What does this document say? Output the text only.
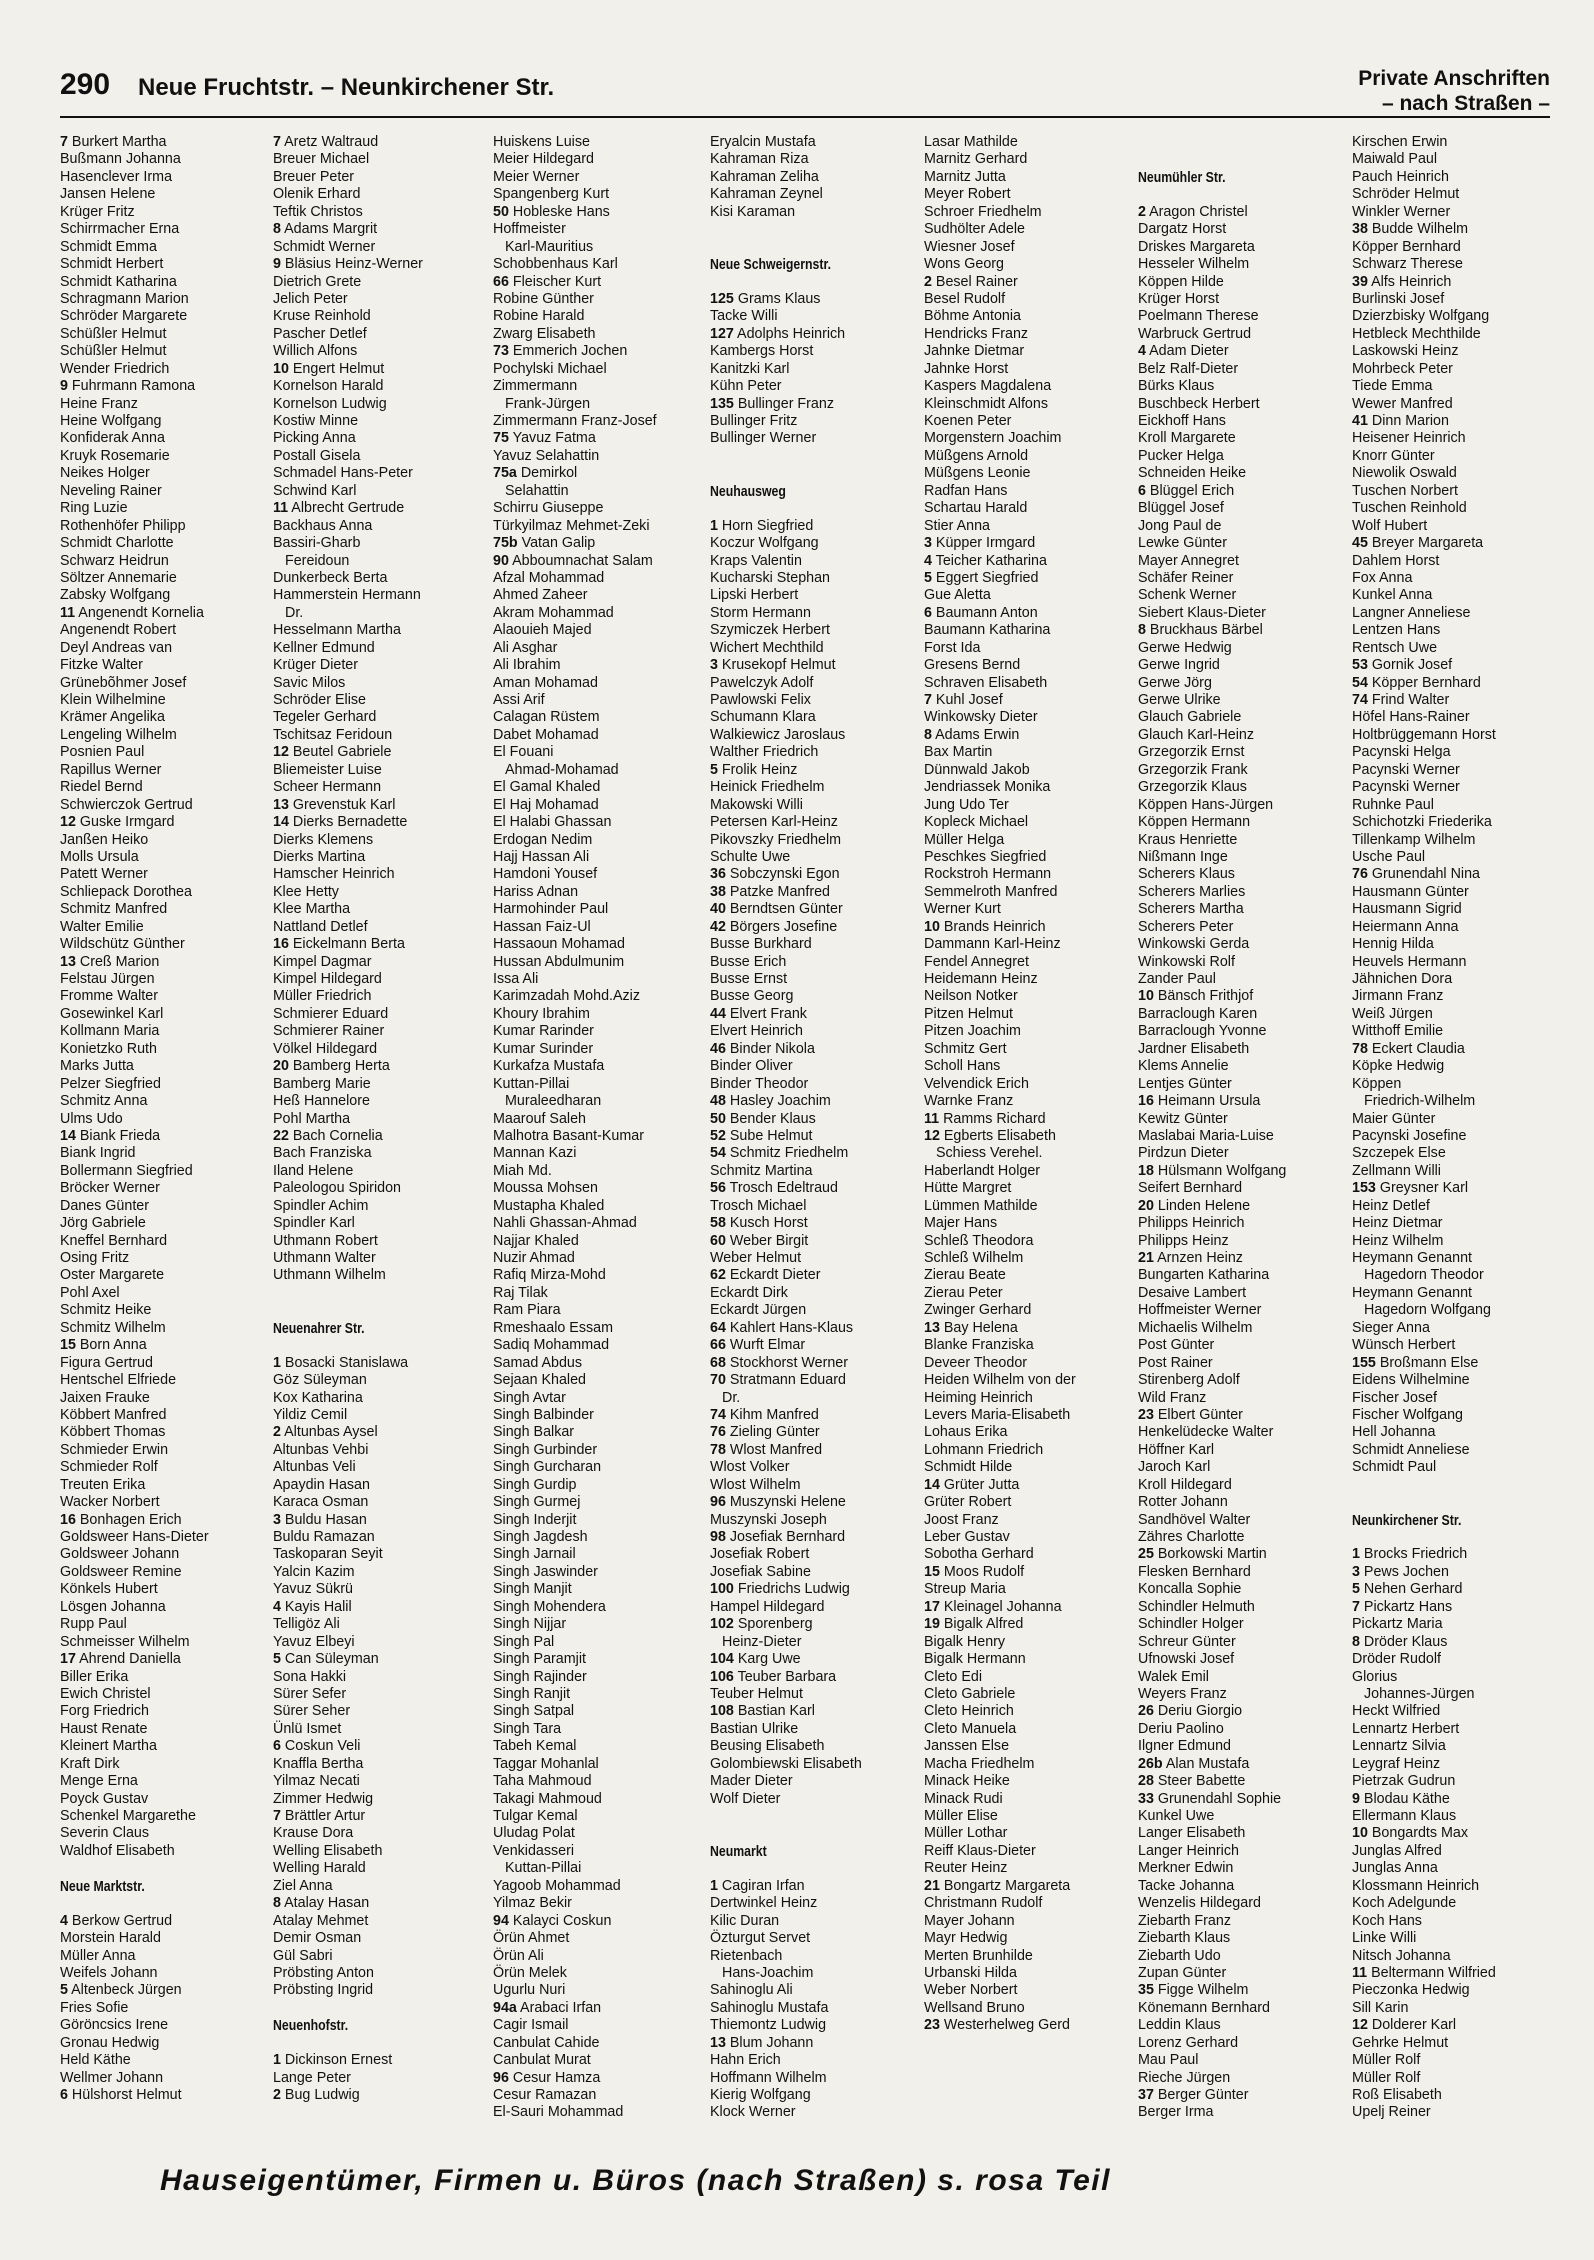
290 Neue Fruchtstr. – Neunkirchener Str.	Private Anschriften
– nach Straßen –
7 Burkert Martha
Bußmann Johanna
Hasenclever Irma
Jansen Helene
Krüger Fritz
Schirrmacher Erna
Schmidt Emma
Schmidt Herbert
Schmidt Katharina
Schragmann Marion
Schröder Margarete
Schüßler Helmut
Schüßler Helmut
Wender Friedrich
9 Fuhrmann Ramona
Heine Franz
Heine Wolfgang
Konfiderak Anna
Kruyk Rosemarie
Neikes Holger
Neveling Rainer
Ring Luzie
Rothenhöfer Philipp
Schmidt Charlotte
Schwarz Heidrun
Söltzer Annemarie
Zabsky Wolfgang
11 Angenendt Kornelia
Angenendt Robert
Deyl Andreas van
Fitzke Walter
Grünebõhmer Josef
Klein Wilhelmine
Krämer Angelika
Lengeling Wilhelm
Posnien Paul
Rapillus Werner
Riedel Bernd
Schwierczok Gertrud
12 Guske Irmgard
Janßen Heiko
Molls Ursula
Patett Werner
Schliepack Dorothea
Schmitz Manfred
Walter Emilie
Wildschütz Günther
13 Creß Marion
Felstau Jürgen
Fromme Walter
Gosewinkel Karl
Kollmann Maria
Konietzko Ruth
Marks Jutta
Pelzer Siegfried
Schmitz Anna
Ulms Udo
14 Biank Frieda
Biank Ingrid
Bollermann Siegfried
Bröcker Werner
Danes Günter
Jörg Gabriele
Kneffel Bernhard
Osing Fritz
Oster Margarete
Pohl Axel
Schmitz Heike
Schmitz Wilhelm
15 Born Anna
Figura Gertrud
Hentschel Elfriede
Jaixen Frauke
Köbbert Manfred
Köbbert Thomas
Schmieder Erwin
Schmieder Rolf
Treuten Erika
Wacker Norbert
16 Bonhagen Erich
Goldsweer Hans-Dieter
Goldsweer Johann
Goldsweer Remine
Könkels Hubert
Lösgen Johanna
Rupp Paul
Schmeisser Wilhelm
17 Ahrend Daniella
Biller Erika
Ewich Christel
Forg Friedrich
Haust Renate
Kleinert Martha
Kraft Dirk
Menge Erna
Poyck Gustav
Schenkel Margarethe
Severin Claus
Waldhof Elisabeth
Neue Marktstr.
4 Berkow Gertrud
Morstein Harald
Müller Anna
Weifels Johann
5 Altenbeck Jürgen
Fries Sofie
Göröncsics Irene
Gronau Hedwig
Held Käthe
Wellmer Johann
6 Hülshorst Helmut
7 Aretz Waltraud
Breuer Michael
Breuer Peter
Olenik Erhard
Teftik Christos
8 Adams Margrit
Schmidt Werner
9 Bläsius Heinz-Werner
Dietrich Grete
Jelich Peter
Kruse Reinhold
Pascher Detlef
Willich Alfons
10 Engert Helmut
Kornelson Harald
Kornelson Ludwig
Kostiw Minne
Picking Anna
Postall Gisela
Schmadel Hans-Peter
Schwind Karl
11 Albrecht Gertrude
Backhaus Anna
Bassiri-Gharb
Fereidoun
Dunkerbeck Berta
Hammerstein Hermann
Dr.
Hesselmann Martha
Kellner Edmund
Krüger Dieter
Savic Milos
Schröder Elise
Tegeler Gerhard
Tschitsaz Feridoun
12 Beutel Gabriele
Bliemeister Luise
Scheer Hermann
13 Grevenstuk Karl
14 Dierks Bernadette
Dierks Klemens
Dierks Martina
Hamscher Heinrich
Klee Hetty
Klee Martha
Nattland Detlef
16 Eickelmann Berta
Kimpel Dagmar
Kimpel Hildegard
Müller Friedrich
Schmierer Eduard
Schmierer Rainer
Völkel Hildegard
20 Bamberg Herta
Bamberg Marie
Heß Hannelore
Pohl Martha
22 Bach Cornelia
Bach Franziska
Iland Helene
Paleologou Spiridon
Spindler Achim
Spindler Karl
Uthmann Robert
Uthmann Walter
Uthmann Wilhelm
Neuenahrer Str.
1 Bosacki Stanislawa
Göz Süleyman
Kox Katharina
Yildiz Cemil
2 Altunbas Aysel
Altunbas Vehbi
Altunbas Veli
Apaydin Hasan
Karaca Osman
3 Buldu Hasan
Buldu Ramazan
Taskoparan Seyit
Yalcin Kazim
Yavuz Sükrü
4 Kayis Halil
Telligöz Ali
Yavuz Elbeyi
5 Can Süleyman
Sona Hakki
Sürer Sefer
Sürer Seher
Ünlü Ismet
6 Coskun Veli
Knaffla Bertha
Yilmaz Necati
Zimmer Hedwig
7 Brättler Artur
Krause Dora
Welling Elisabeth
Welling Harald
Ziel Anna
8 Atalay Hasan
Atalay Mehmet
Demir Osman
Gül Sabri
Pröbsting Anton
Pröbsting Ingrid
Neuenhofstr.
1 Dickinson Ernest
Lange Peter
2 Bug Ludwig
Huiskens Luise
Meier Hildegard
Meier Werner
Spangenberg Kurt
50 Hobleske Hans
Hoffmeister
Karl-Mauritius
Schobbenhaus Karl
66 Fleischer Kurt
Robine Günther
Robine Harald
Zwarg Elisabeth
73 Emmerich Jochen
Pochylski Michael
Zimmermann
Frank-Jürgen
Zimmermann Franz-Josef
75 Yavuz Fatma
Yavuz Selahattin
75a Demirkol
Selahattin
Schirru Giuseppe
Türkyilmaz Mehmet-Zeki
75b Vatan Galip
90 Abboumnachat Salam
Afzal Mohammad
Ahmed Zaheer
Akram Mohammad
Alaouieh Majed
Ali Asghar
Ali Ibrahim
Aman Mohamad
Assi Arif
Calagan Rüstem
Dabet Mohamad
El Fouani
Ahmad-Mohamad
El Gamal Khaled
El Haj Mohamad
El Halabi Ghassan
Erdogan Nedim
Hajj Hassan Ali
Hamdoni Yousef
Hariss Adnan
Harmohinder Paul
Hassan Faiz-Ul
Hassaoun Mohamad
Hussan Abdulmunim
Issa Ali
Karimzadah Mohd.Aziz
Khoury Ibrahim
Kumar Rarinder
Kumar Surinder
Kurkafza Mustafa
Kuttan-Pillai
Muraleedharan
Maarouf Saleh
Malhotra Basant-Kumar
Mannan Kazi
Miah Md.
Moussa Mohsen
Mustapha Khaled
Nahli Ghassan-Ahmad
Najjar Khaled
Nuzir Ahmad
Rafiq Mirza-Mohd
Raj Tilak
Ram Piara
Rmeshaalo Essam
Sadiq Mohammad
Samad Abdus
Sejaan Khaled
Singh Avtar
Singh Balbinder
Singh Balkar
Singh Gurbinder
Singh Gurcharan
Singh Gurdip
Singh Gurmej
Singh Inderjit
Singh Jagdesh
Singh Jarnail
Singh Jaswinder
Singh Manjit
Singh Mohendera
Singh Nijjar
Singh Pal
Singh Paramjit
Singh Rajinder
Singh Ranjit
Singh Satpal
Singh Tara
Tabeh Kemal
Taggar Mohanlal
Taha Mahmoud
Takagi Mahmoud
Tulgar Kemal
Uludag Polat
Venkidasseri
Kuttan-Pillai
Yagoob Mohammad
Yilmaz Bekir
94 Kalayci Coskun
Örün Ahmet
Örün Ali
Örün Melek
Ugurlu Nuri
94a Arabaci Irfan
Cagir Ismail
Canbulat Cahide
Canbulat Murat
96 Cesur Hamza
Cesur Ramazan
El-Sauri Mohammad
Eryalcin Mustafa
Kahraman Riza
Kahraman Zeliha
Kahraman Zeynel
Kisi Karaman
Neue Schweigernstr.
125 Grams Klaus
Tacke Willi
127 Adolphs Heinrich
Kambergs Horst
Kanitzki Karl
Kühn Peter
135 Bullinger Franz
Bullinger Fritz
Bullinger Werner
Neuhausweg
1 Horn Siegfried
Koczur Wolfgang
Kraps Valentin
Kucharski Stephan
Lipski Herbert
Storm Hermann
Szymiczek Herbert
Wichert Mechthild
3 Krusekopf Helmut
Pawelczyk Adolf
Pawlowski Felix
Schumann Klara
Walkiewicz Jaroslaus
Walther Friedrich
5 Frolik Heinz
Heinick Friedhelm
Makowski Willi
Petersen Karl-Heinz
Pikovszky Friedhelm
Schulte Uwe
36 Sobczynski Egon
38 Patzke Manfred
40 Berndtsen Günter
42 Börgers Josefine
Busse Burkhard
Busse Erich
Busse Ernst
Busse Georg
44 Elvert Frank
Elvert Heinrich
46 Binder Nikola
Binder Oliver
Binder Theodor
48 Hasley Joachim
50 Bender Klaus
52 Sube Helmut
54 Schmitz Friedhelm
Schmitz Martina
56 Trosch Edeltraud
Trosch Michael
58 Kusch Horst
60 Weber Birgit
Weber Helmut
62 Eckardt Dieter
Eckardt Dirk
Eckardt Jürgen
64 Kahlert Hans-Klaus
66 Wurft Elmar
68 Stockhorst Werner
70 Stratmann Eduard
Dr.
74 Kihm Manfred
76 Zieling Günter
78 Wlost Manfred
Wlost Volker
Wlost Wilhelm
96 Muszynski Helene
Muszynski Joseph
98 Josefiak Bernhard
Josefiak Robert
Josefiak Sabine
100 Friedrichs Ludwig
Hampel Hildegard
102 Sporenberg
Heinz-Dieter
104 Karg Uwe
106 Teuber Barbara
Teuber Helmut
108 Bastian Karl
Bastian Ulrike
Beusing Elisabeth
Golombiewski Elisabeth
Mader Dieter
Wolf Dieter
Neumarkt
1 Cagiran Irfan
Dertwinkel Heinz
Kilic Duran
Özturgut Servet
Rietenbach
Hans-Joachim
Sahinoglu Ali
Sahinoglu Mustafa
Thiemontz Ludwig
13 Blum Johann
Hahn Erich
Hoffmann Wilhelm
Kierig Wolfgang
Klock Werner
Lasar Mathilde
Marnitz Gerhard
Marnitz Jutta
Meyer Robert
Schroer Friedhelm
Sudhölter Adele
Wiesner Josef
Wons Georg
2 Besel Rainer
Besel Rudolf
Böhme Antonia
Hendricks Franz
Jahnke Dietmar
Jahnke Horst
Kaspers Magdalena
Kleinschmidt Alfons
Koenen Peter
Morgenstern Joachim
Müßgens Arnold
Müßgens Leonie
Radfan Hans
Schartau Harald
Stier Anna
3 Küpper Irmgard
4 Teicher Katharina
5 Eggert Siegfried
Gue Aletta
6 Baumann Anton
Baumann Katharina
Forst Ida
Gresens Bernd
Schraven Elisabeth
7 Kuhl Josef
Winkowsky Dieter
8 Adams Erwin
Bax Martin
Dünnwald Jakob
Jendriassek Monika
Jung Udo Ter
Kopleck Michael
Müller Helga
Peschkes Siegfried
Rockstroh Hermann
Semmelroth Manfred
Werner Kurt
10 Brands Heinrich
Dammann Karl-Heinz
Fendel Annegret
Heidemann Heinz
Neilson Notker
Pitzen Helmut
Pitzen Joachim
Schmitz Gert
Scholl Hans
Velvendick Erich
Warnke Franz
11 Ramms Richard
12 Egberts Elisabeth
Schiess Verehel.
Haberlandt Holger
Hütte Margret
Lümmen Mathilde
Majer Hans
Schleß Theodora
Schleß Wilhelm
Zierau Beate
Zierau Peter
Zwinger Gerhard
13 Bay Helena
Blanke Franziska
Deveer Theodor
Heiden Wilhelm von der
Heiming Heinrich
Levers Maria-Elisabeth
Lohaus Erika
Lohmann Friedrich
Schmidt Hilde
14 Grüter Jutta
Grüter Robert
Joost Franz
Leber Gustav
Sobotha Gerhard
15 Moos Rudolf
Streup Maria
17 Kleinagel Johanna
19 Bigalk Alfred
Bigalk Henry
Bigalk Hermann
Cleto Edi
Cleto Gabriele
Cleto Heinrich
Cleto Manuela
Janssen Else
Macha Friedhelm
Minack Heike
Minack Rudi
Müller Elise
Müller Lothar
Reiff Klaus-Dieter
Reuter Heinz
21 Bongartz Margareta
Christmann Rudolf
Mayer Johann
Mayr Hedwig
Merten Brunhilde
Urbanski Hilda
Weber Norbert
Wellsand Bruno
23 Westerhelweg Gerd
Neumühler Str.
2 Aragon Christel
Dargatz Horst
Driskes Margareta
Hesseler Wilhelm
Köppen Hilde
Krüger Horst
Poelmann Therese
Warbruck Gertrud
4 Adam Dieter
Belz Ralf-Dieter
Bürks Klaus
Buschbeck Herbert
Eickhoff Hans
Kroll Margarete
Pucker Helga
Schneiden Heike
6 Blüggel Erich
Blüggel Josef
Jong Paul de
Lewke Günter
Mayer Annegret
Schäfer Reiner
Schenk Werner
Siebert Klaus-Dieter
8 Bruckhaus Bärbel
Gerwe Hedwig
Gerwe Ingrid
Gerwe Jörg
Gerwe Ulrike
Glauch Gabriele
Glauch Karl-Heinz
Grzegorzik Ernst
Grzegorzik Frank
Grzegorzik Klaus
Köppen Hans-Jürgen
Köppen Hermann
Kraus Henriette
Nißmann Inge
Scherers Klaus
Scherers Marlies
Scherers Martha
Scherers Peter
Winkowski Gerda
Winkowski Rolf
Zander Paul
10 Bänsch Frithjof
Barraclough Karen
Barraclough Yvonne
Jardner Elisabeth
Klems Annelie
Lentjes Günter
16 Heimann Ursula
Kewitz Günter
Maslabai Maria-Luise
Pirdzun Dieter
18 Hülsmann Wolfgang
Seifert Bernhard
20 Linden Helene
Philipps Heinrich
Philipps Heinz
21 Arnzen Heinz
Bungarten Katharina
Desaive Lambert
Hoffmeister Werner
Michaelis Wilhelm
Post Günter
Post Rainer
Stirenberg Adolf
Wild Franz
23 Elbert Günter
Henkelüdecke Walter
Höffner Karl
Jaroch Karl
Kroll Hildegard
Rotter Johann
Sandhövel Walter
Zähres Charlotte
25 Borkowski Martin
Flesken Bernhard
Koncalla Sophie
Schindler Helmuth
Schindler Holger
Schreur Günter
Ufnowski Josef
Walek Emil
Weyers Franz
26 Deriu Giorgio
Deriu Paolino
Ilgner Edmund
26b Alan Mustafa
28 Steer Babette
33 Grunendahl Sophie
Kunkel Uwe
Langer Elisabeth
Langer Heinrich
Merkner Edwin
Tacke Johanna
Wenzelis Hildegard
Ziebarth Franz
Ziebarth Klaus
Ziebarth Udo
Zupan Günter
35 Figge Wilhelm
Könemann Bernhard
Leddin Klaus
Lorenz Gerhard
Mau Paul
Rieche Jürgen
37 Berger Günter
Berger Irma
Kirschen Erwin
Maiwald Paul
Pauch Heinrich
Schröder Helmut
Winkler Werner
38 Budde Wilhelm
Köpper Bernhard
Schwarz Therese
39 Alfs Heinrich
Burlinski Josef
Dzierzbisky Wolfgang
Hetbleck Mechthilde
Laskowski Heinz
Mohrbeck Peter
Tiede Emma
Wewer Manfred
41 Dinn Marion
Heisener Heinrich
Knorr Günter
Niewolik Oswald
Tuschen Norbert
Tuschen Reinhold
Wolf Hubert
45 Breyer Margareta
Dahlem Horst
Fox Anna
Kunkel Anna
Langner Anneliese
Lentzen Hans
Rentsch Uwe
53 Gornik Josef
54 Köpper Bernhard
74 Frind Walter
Höfel Hans-Rainer
Holtbrüggemann Horst
Pacynski Helga
Pacynski Werner
Pacynski Werner
Ruhnke Paul
Schichotzki Friederika
Tillenkamp Wilhelm
Usche Paul
76 Grunendahl Nina
Hausmann Günter
Hausmann Sigrid
Heiermann Anna
Hennig Hilda
Heuvels Hermann
Jähnichen Dora
Jirmann Franz
Weiß Jürgen
Witthoff Emilie
78 Eckert Claudia
Köpke Hedwig
Köppen
Friedrich-Wilhelm
Maier Günter
Pacynski Josefine
Szczepek Else
Zellmann Willi
153 Greysner Karl
Heinz Detlef
Heinz Dietmar
Heinz Wilhelm
Heymann Genannt
Hagedorn Theodor
Heymann Genannt
Hagedorn Wolfgang
Sieger Anna
Wünsch Herbert
155 Broßmann Else
Eidens Wilhelmine
Fischer Josef
Fischer Wolfgang
Hell Johanna
Schmidt Anneliese
Schmidt Paul
Neunkirchener Str.
1 Brocks Friedrich
3 Pews Jochen
5 Nehen Gerhard
7 Pickartz Hans
Pickartz Maria
8 Dröder Klaus
Dröder Rudolf
Glorius
Johannes-Jürgen
Heckt Wilfried
Lennartz Herbert
Lennartz Silvia
Leygraf Heinz
Pietrzak Gudrun
9 Blodau Käthe
Ellermann Klaus
10 Bongardts Max
Junglas Alfred
Junglas Anna
Klossmann Heinrich
Koch Adelgunde
Koch Hans
Linke Willi
Nitsch Johanna
11 Beltermann Wilfried
Pieczonka Hedwig
Sill Karin
12 Dolderer Karl
Gehrke Helmut
Müller Rolf
Müller Rolf
Roß Elisabeth
Upelj Reiner
Hauseigentümer, Firmen u. Büros (nach Straßen) s. rosa Teil
